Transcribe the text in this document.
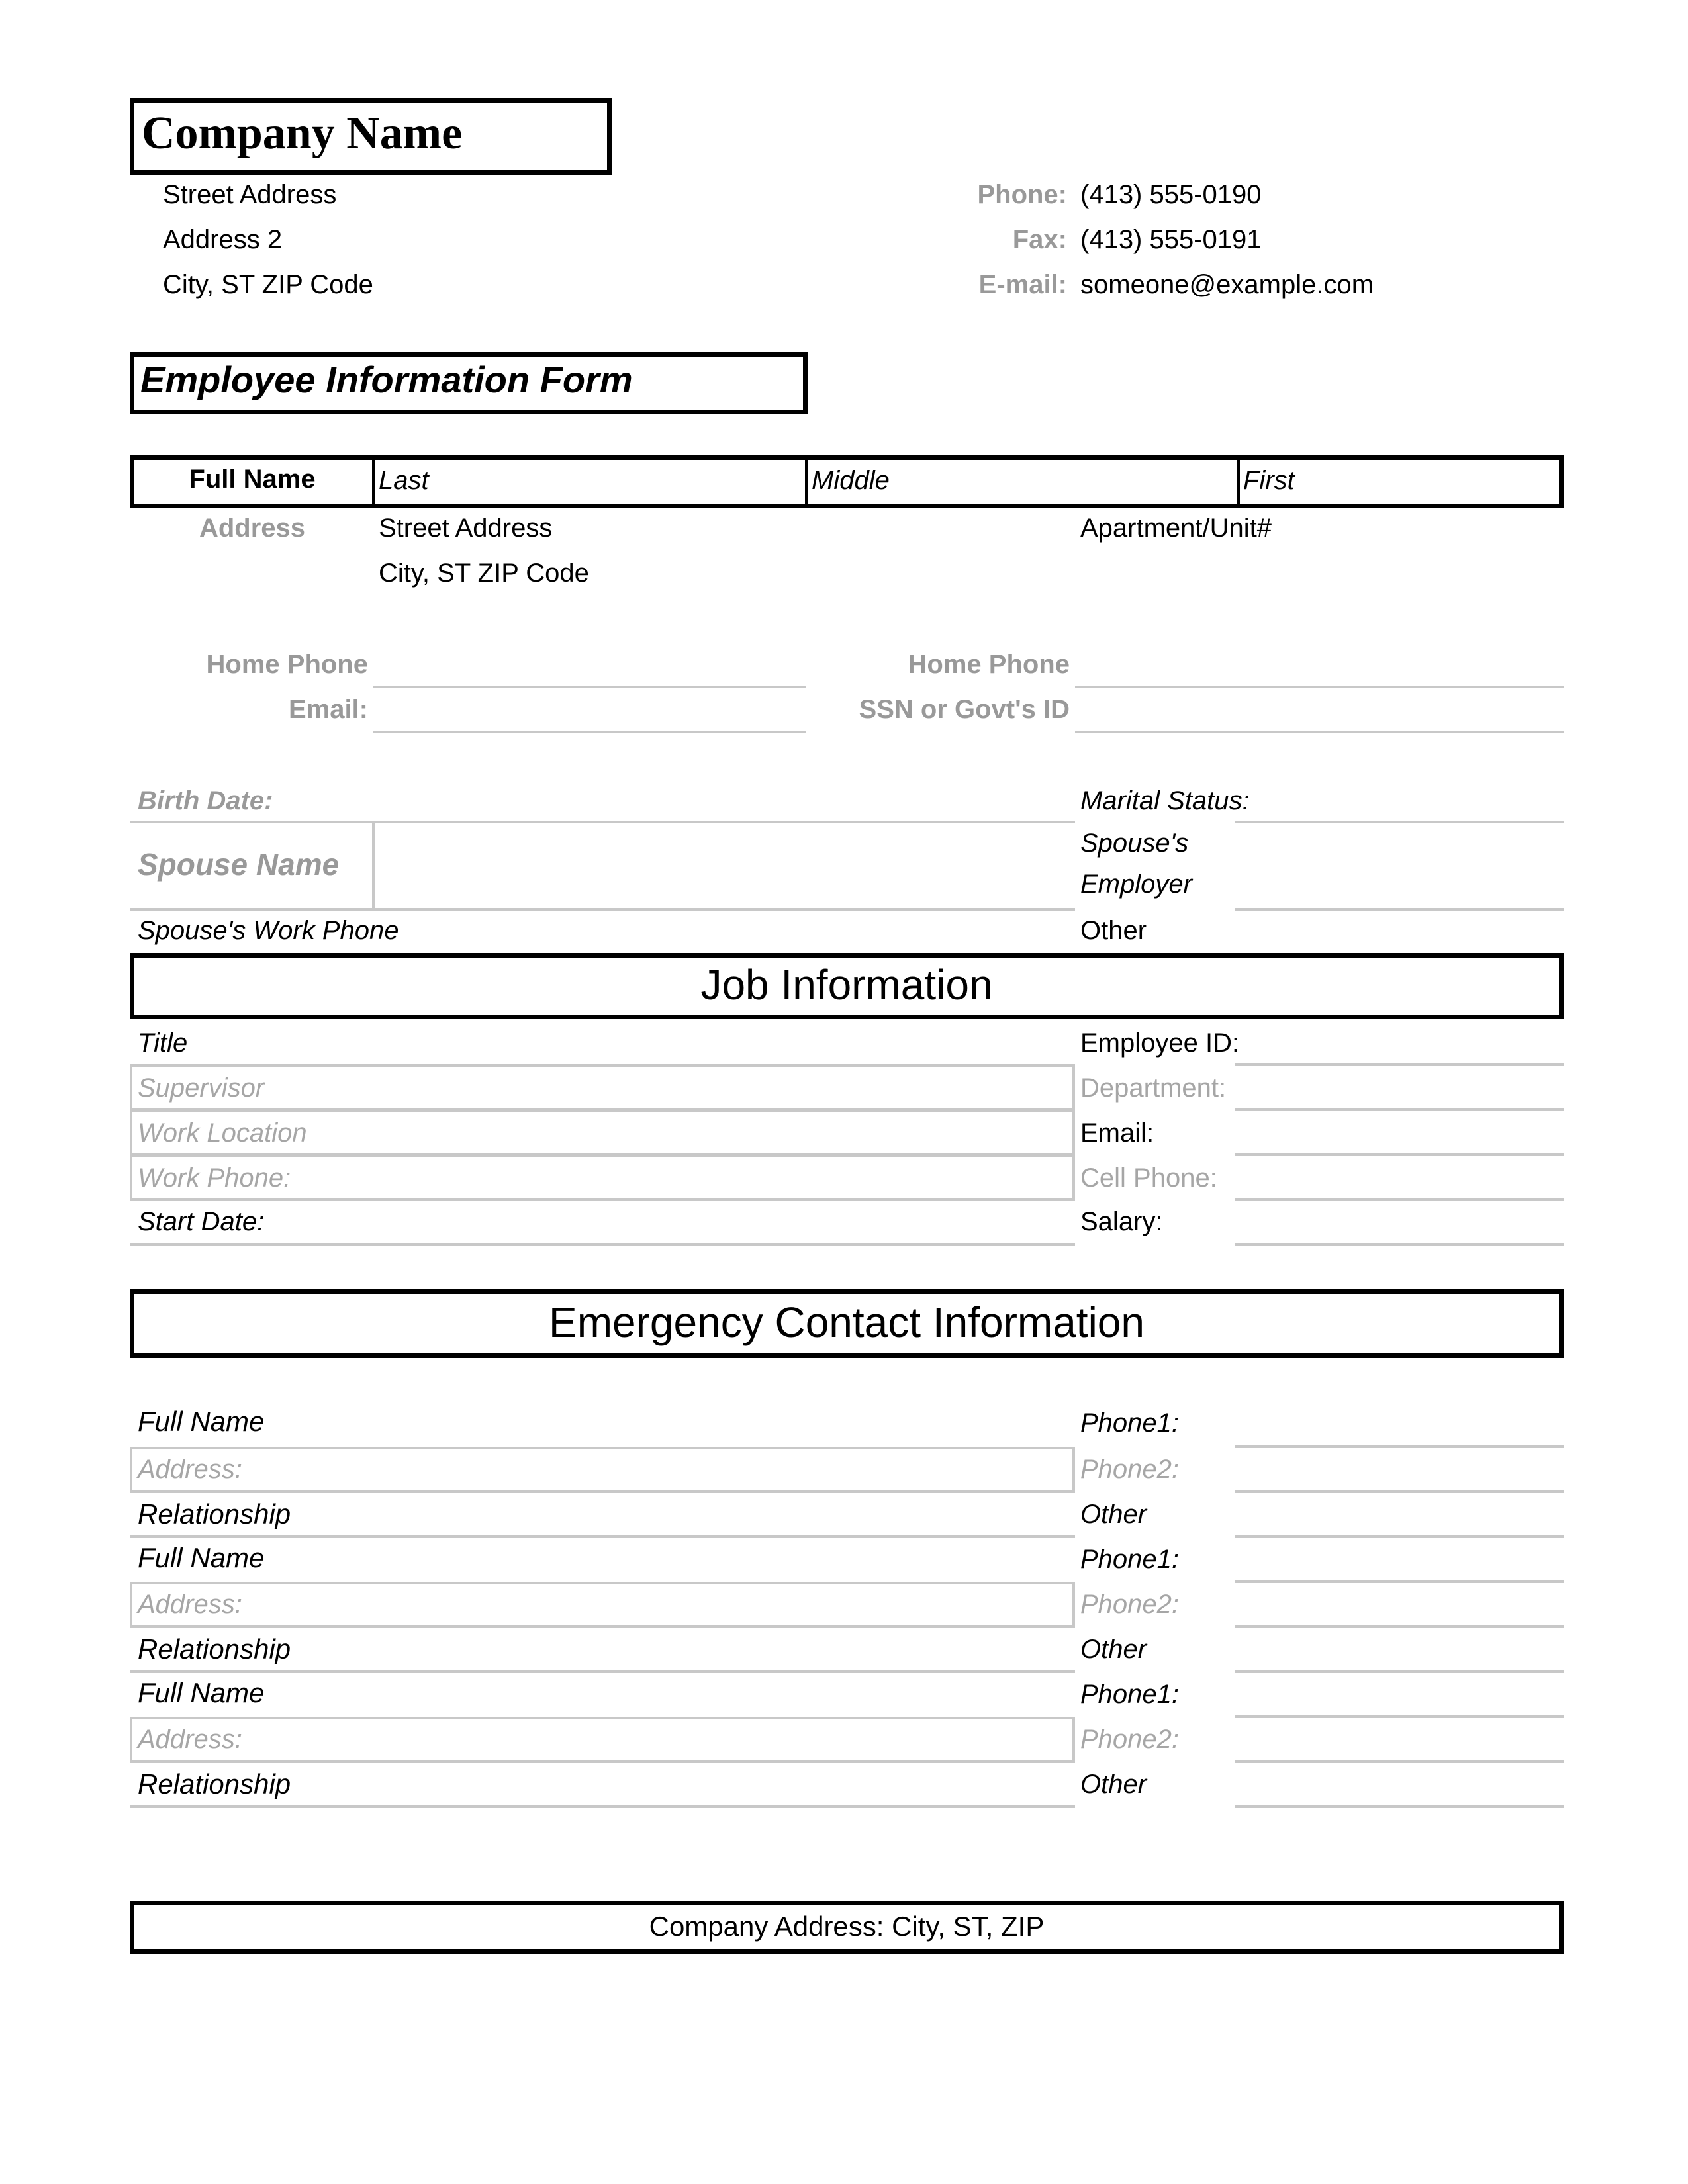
Company Name
Street Address
Address 2
City, ST ZIP Code
Phone: (413) 555-0190
Fax: (413) 555-0191
E-mail: someone@example.com
Employee Information Form
Full Name	Last	Middle	First
Address	Street Address	Apartment/Unit#
City, ST ZIP Code
Home Phone	Home Phone
Email:	SSN or Govt's ID
Birth Date:	Marital Status:
Spouse Name
Spouse's
Employer
Spouse's Work Phone	Other
Job Information
Title	Employee ID:
Supervisor	Department:
Work Location	Email:
Work Phone:	Cell Phone:
Start Date:	Salary:
Emergency Contact Information
Full Name	Phone1:
Address:	Phone2:
Relationship	Other
Full Name	Phone1:
Address:	Phone2:
Relationship	Other
Full Name	Phone1:
Address:	Phone2:
Relationship	Other
Company Address: City, ST, ZIP
